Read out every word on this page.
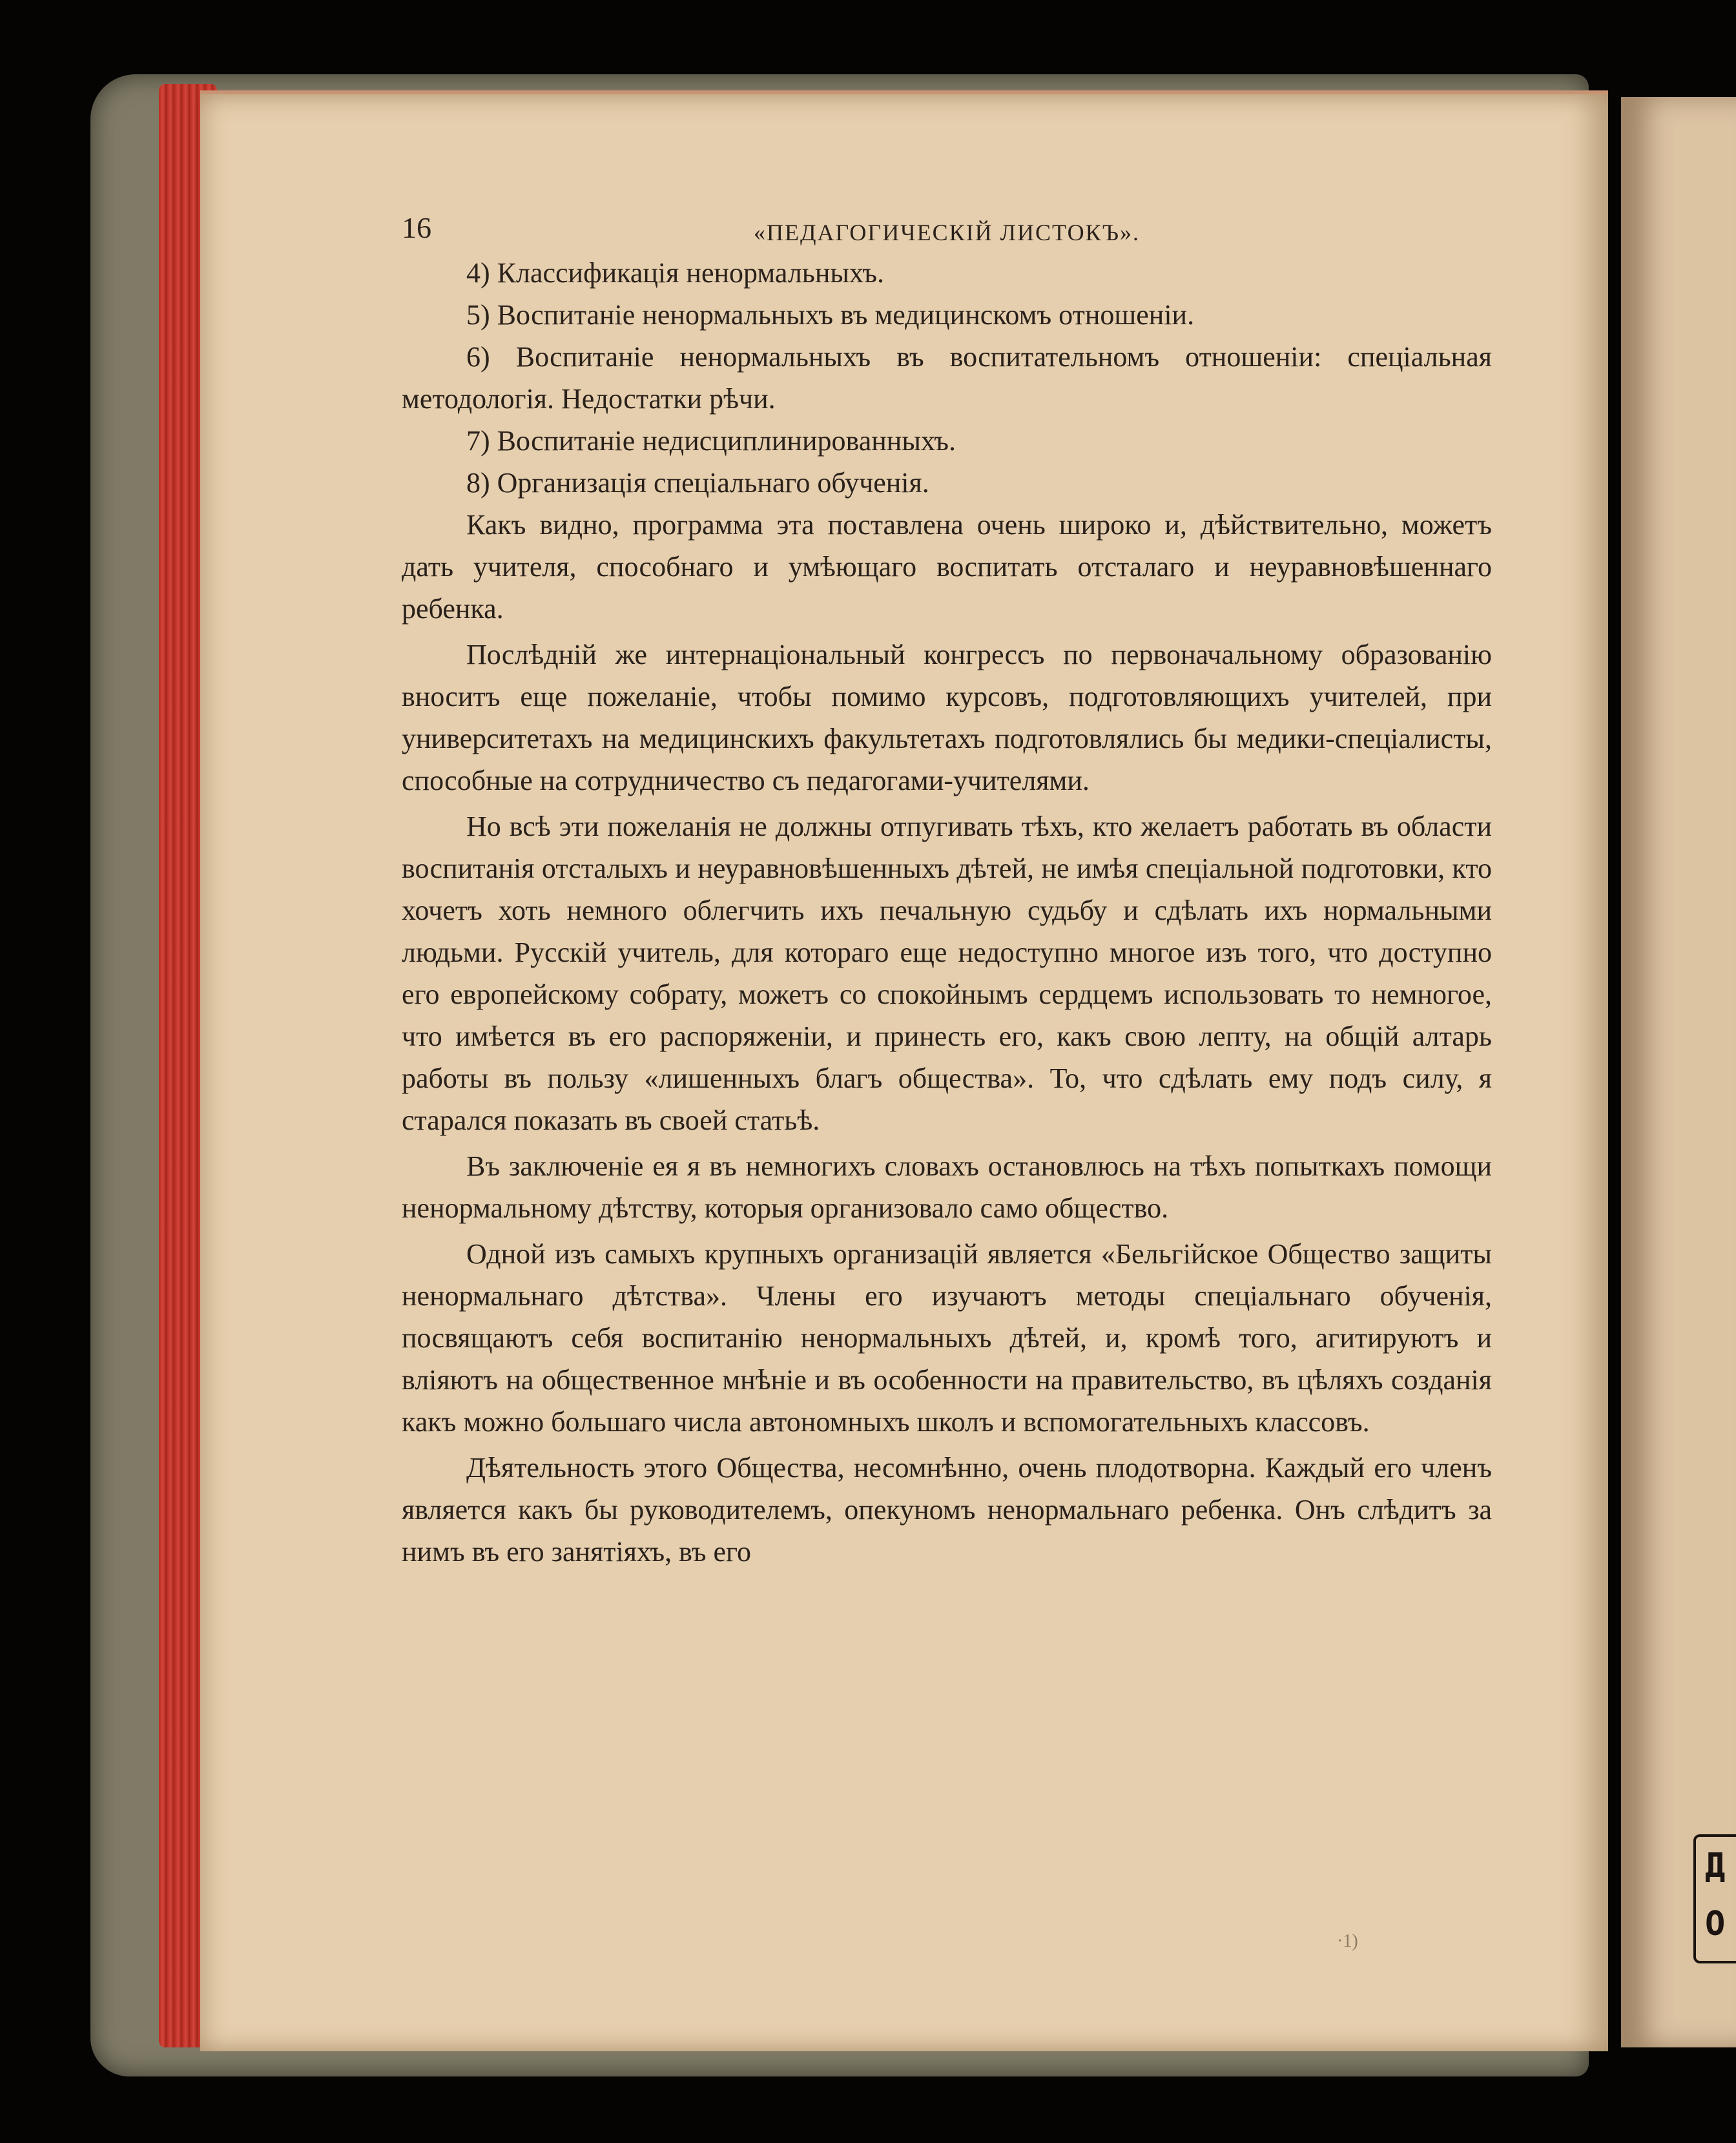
Д
О
16	«ПЕДАГОГИЧЕСКІЙ ЛИСТОКЪ».

4) Классификація ненормальныхъ.

5) Воспитаніе ненормальныхъ въ медицинскомъ отношеніи.

6) Воспитаніе ненормальныхъ въ воспитательномъ отношеніи: спеціальная методологія. Недостатки рѣчи.

7) Воспитаніе недисциплинированныхъ.

8) Организація спеціальнаго обученія.

Какъ видно, программа эта поставлена очень широко и, дѣйствительно, можетъ дать учителя, способнаго и умѣющаго воспитать отсталаго и неуравновѣшеннаго ребенка.

Послѣдній же интернаціональный конгрессъ по первоначальному образованію вноситъ еще пожеланіе, чтобы помимо курсовъ, подготовляющихъ учителей, при университетахъ на медицинскихъ факультетахъ подготовлялись бы медики-спеціалисты, способные на сотрудничество съ педагогами-учителями.

Но всѣ эти пожеланія не должны отпугивать тѣхъ, кто желаетъ работать въ области воспитанія отсталыхъ и неуравновѣшенныхъ дѣтей, не имѣя спеціальной подготовки, кто хочетъ хоть немного облегчить ихъ печальную судьбу и сдѣлать ихъ нормальными людьми. Русскій учитель, для котораго еще недоступно многое изъ того, что доступно его европейскому собрату, можетъ со спокойнымъ сердцемъ использовать то немногое, что имѣется въ его распоряженіи, и принесть его, какъ свою лепту, на общій алтарь работы въ пользу «лишенныхъ благъ общества». То, что сдѣлать ему подъ силу, я старался показать въ своей статьѣ.

Въ заключеніе ея я въ немногихъ словахъ остановлюсь на тѣхъ попыткахъ помощи ненормальному дѣтству, которыя организовало само общество.

Одной изъ самыхъ крупныхъ организацій является «Бельгійское Общество защиты ненормальнаго дѣтства». Члены его изучаютъ методы спеціальнаго обученія, посвящаютъ себя воспитанію ненормальныхъ дѣтей, и, кромѣ того, агитируютъ и вліяютъ на общественное мнѣніе и въ особенности на правительство, въ цѣляхъ созданія какъ можно большаго числа автономныхъ школъ и вспомогательныхъ классовъ.

Дѣятельность этого Общества, несомнѣнно, очень плодотворна. Каждый его членъ является какъ бы руководителемъ, опекуномъ ненормальнаго ребенка. Онъ слѣдитъ за нимъ въ его занятіяхъ, въ его

·1)
